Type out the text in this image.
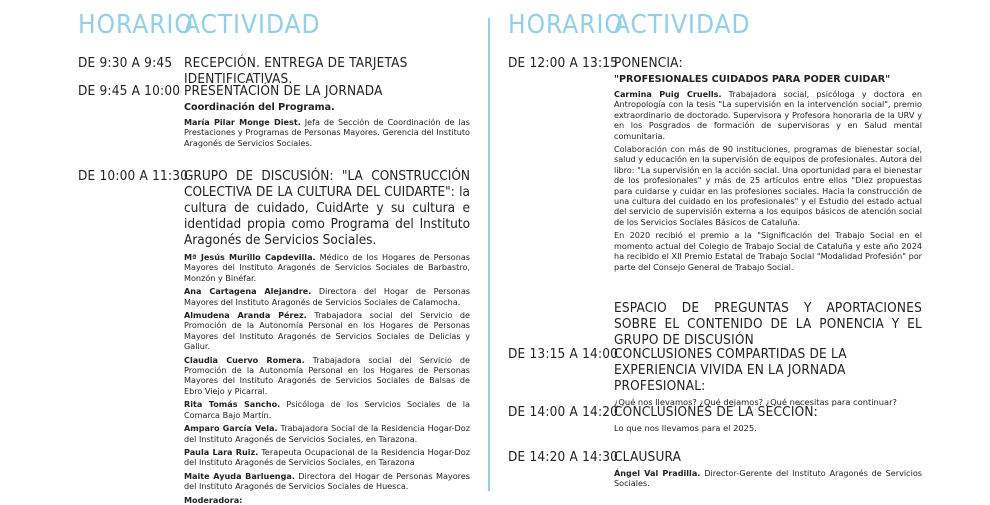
HORARIO
ACTIVIDAD
DE 9:30 A 9:45 RECEPCIÓN. ENTREGA DE TARJETAS IDENTIFICATIVAS.
DE 9:45 A 10:00 PRESENTACIÓN DE LA JORNADA
Coordinación del Programa.
María Pilar Monge Diest. Jefa de Sección de Coordinación de las Prestaciones y Programas de Personas Mayores. Gerencia del Instituto Aragonés de Servicios Sociales.
DE 10:00 A 11:30
GRUPO DE DISCUSIÓN: "LA CONSTRUCCIÓN COLECTIVA DE LA CULTURA DEL CUIDARTE": la cultura de cuidado, CuidArte y su cultura e identidad propia como Programa del Instituto Aragonés de Servicios Sociales.
Mª Jesús Murillo Capdevilla. Médico de los Hogares de Personas Mayores del Instituto Aragonés de Servicios Sociales de Barbastro, Monzón y Binéfar.
Ana Cartagena Alejandre. Directora del Hogar de Personas Mayores del Instituto Aragonés de Servicios Sociales de Calamocha.
Almudena Aranda Pérez. Trabajadora social del Servicio de Promoción de la Autonomía Personal en los Hogares de Personas Mayores del Instituto Aragonés de Servicios Sociales de Delicias y Gallur.
Claudia Cuervo Romera. Trabajadora social del Servicio de Promoción de la Autonomía Personal en los Hogares de Personas Mayores del Instituto Aragonés de Servicios Sociales de Balsas de Ebro Viejo y Picarral.
Rita Tomás Sancho. Psicóloga de los Servicios Sociales de la Comarca Bajo Martín.
Amparo García Vela. Trabajadora Social de la Residencia Hogar-Doz del Instituto Aragonés de Servicios Sociales, en Tarazona.
Paula Lara Ruiz. Terapeuta Ocupacional de la Residencia Hogar-Doz del Instituto Aragonés de Servicios Sociales, en Tarazona
Maite Ayuda Barluenga. Directora del Hogar de Personas Mayores del Instituto Aragonés de Servicios Sociales de Huesca.
Moderadora:
HORARIO
ACTIVIDAD
DE 12:00 A 13:15
PONENCIA:
"PROFESIONALES CUIDADOS PARA PODER CUIDAR"
Carmina Puig Cruells. Trabajadora social, psicóloga y doctora en Antropología con la tesis "La supervisión en la intervención social", premio extraordinario de doctorado. Supervisora y Profesora honoraria de la URV y en los Posgrados de formación de supervisoras y en Salud mental comunitaria.
Colaboración con más de 90 instituciones, programas de bienestar social, salud y educación en la supervisión de equipos de profesionales. Autora del libro: "La supervisión en la acción social. Una oportunidad para el bienestar de los profesionales" y más de 25 artículos entre ellos "Diez propuestas para cuidarse y cuidar en las profesiones sociales. Hacia la construcción de una cultura del cuidado en los profesionales" y el Estudio del estado actual del servicio de supervisión externa a los equipos básicos de atención social de los Servicios Sociales Básicos de Cataluña.
En 2020 recibió el premio a la "Significación del Trabajo Social en el momento actual del Colegio de Trabajo Social de Cataluña y este año 2024 ha recibido el XII Premio Estatal de Trabajo Social "Modalidad Profesión" por parte del Consejo General de Trabajo Social.
ESPACIO DE PREGUNTAS Y APORTACIONES SOBRE EL CONTENIDO DE LA PONENCIA Y EL GRUPO DE DISCUSIÓN
DE 13:15 A 14:00
CONCLUSIONES COMPARTIDAS DE LA EXPERIENCIA VIVIDA EN LA JORNADA PROFESIONAL:
¿Qué nos llevamos? ¿Qué dejamos? ¿Qué necesitas para continuar?
DE 14:00 A 14:20
CONCLUSIONES DE LA SECCIÓN:
Lo que nos llevamos para el 2025.
DE 14:20 A 14:30
CLAUSURA
Ángel Val Pradilla. Director-Gerente del Instituto Aragonés de Servicios Sociales.
